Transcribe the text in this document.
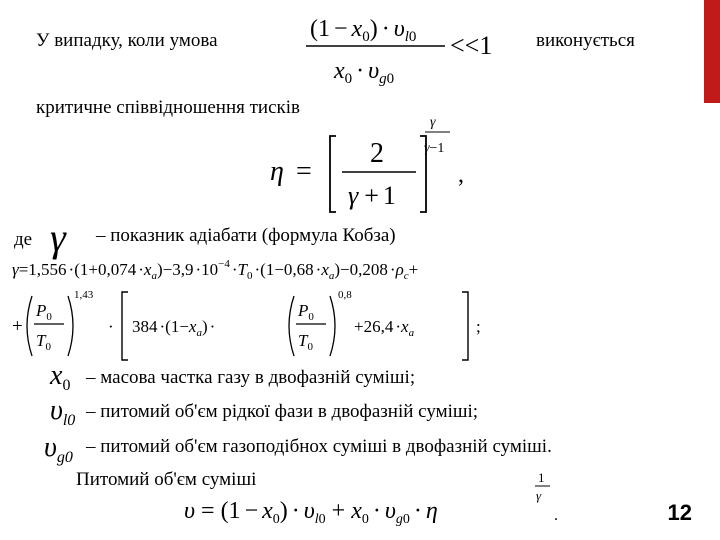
У випадку, коли умова	$(1 - x_0) \cdot \upsilon_l0$
$x_0 \cdot \upsilon_g0$
<<1 виконується
критичне співвідношення тисків
η =
2
γ + 1
γ
γ−1
,
де γ – показник адіабати (формула Кобза)
$\gamma=1,556 \cdot(1+0,074 \cdot x_a)-3,9 \cdot 10^{-4} \cdot T_0 \cdot(1-0,68 \cdot x_a)-0,208 \cdot\rho_c+$
+
$P_0$
$T_0$
1,43
· $384 \cdot(1-x_a)$ ·
$P_0$
$T_0$
0,8
$+26,4 \cdot x_a$	;
$x_0$ – масова частка газу в двофазній суміші;
$\upsilon_{l0}$ – питомий об'єм рідкої фази в двофазній суміші;
$\upsilon_{g0}$
– питомий об'єм газоподібнох суміші в двофазній суміші.
Питомий об'єм суміші
$\upsilon = (1 - x_0) \cdot \upsilon_l0 + x_0 \cdot \upsilon_g0 \cdot \eta$
1
γ
.	12
